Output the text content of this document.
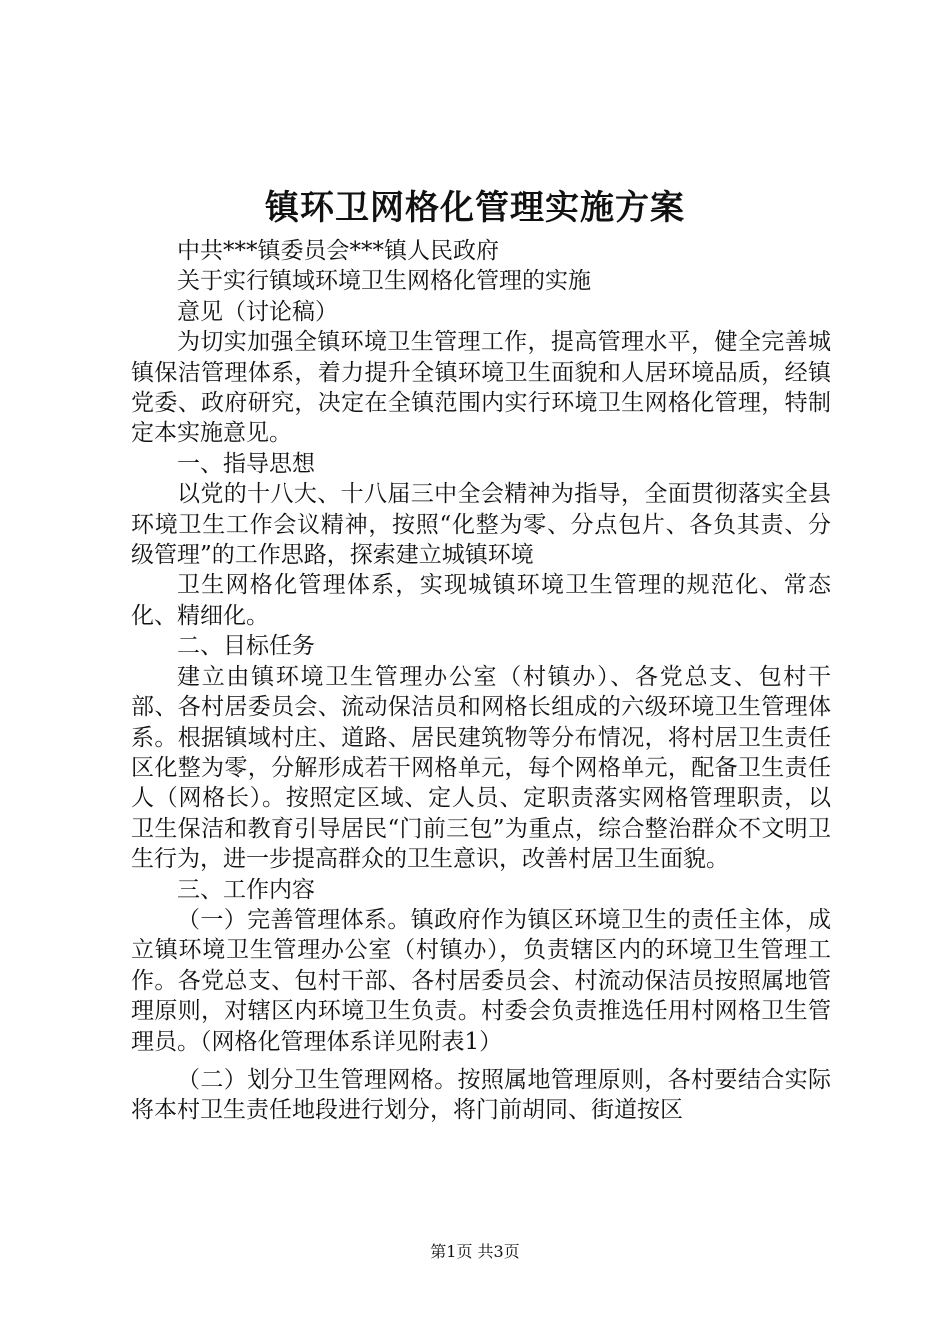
镇环卫网格化管理实施方案

中共***镇委员会***镇人民政府

关于实行镇域环境卫生网格化管理的实施

意见（讨论稿）

为切实加强全镇环境卫生管理工作，提高管理水平，健全完善城镇保洁管理体系，着力提升全镇环境卫生面貌和人居环境品质，经镇党委、政府研究，决定在全镇范围内实行环境卫生网格化管理，特制定本实施意见。

一、指导思想

以党的十八大、十八届三中全会精神为指导，全面贯彻落实全县环境卫生工作会议精神，按照“化整为零、分点包片、各负其责、分级管理”的工作思路，探索建立城镇环境

卫生网格化管理体系，实现城镇环境卫生管理的规范化、常态化、精细化。

二、目标任务

建立由镇环境卫生管理办公室（村镇办）、各党总支、包村干部、各村居委员会、流动保洁员和网格长组成的六级环境卫生管理体系。根据镇域村庄、道路、居民建筑物等分布情况，将村居卫生责任区化整为零，分解形成若干网格单元，每个网格单元，配备卫生责任人（网格长）。按照定区域、定人员、定职责落实网格管理职责，以卫生保洁和教育引导居民“门前三包”为重点，综合整治群众不文明卫生行为，进一步提高群众的卫生意识，改善村居卫生面貌。

三、工作内容

（一）完善管理体系。镇政府作为镇区环境卫生的责任主体，成立镇环境卫生管理办公室（村镇办），负责辖区内的环境卫生管理工作。各党总支、包村干部、各村居委员会、村流动保洁员按照属地管理原则，对辖区内环境卫生负责。村委会负责推选任用村网格卫生管理员。（网格化管理体系详见附表1）

（二）划分卫生管理网格。按照属地管理原则，各村要结合实际将本村卫生责任地段进行划分，将门前胡同、街道按区

第1页 共3页
